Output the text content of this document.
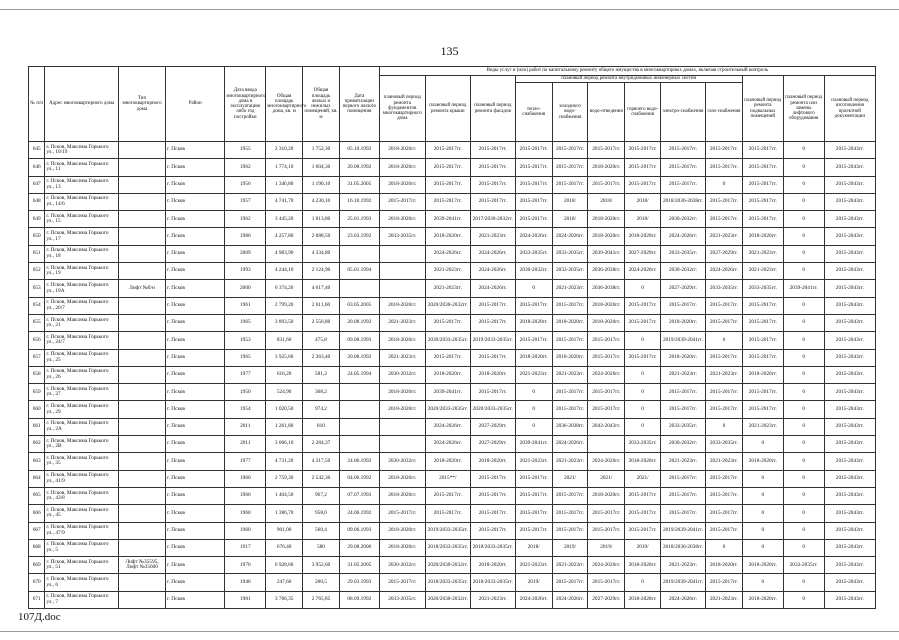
135
№ п/п	Адрес многоквартирного дома	Тип многоквартирного дома	Район	Дата ввода многоквартирного дома в эксплуатацию либо год постройки	Общая площадь многоквартирного дома, кв. м	Общая площадь жилых и нежилых помещений, кв. м	Дата приватизации первого жилого помещения	Виды услуг и (или) работ по капитальному ремонту общего имущества в многоквартирных домах, включая строительный контроль											
								плановый период ремонта фундаментов многоквартирного дома	плановый период ремонта крыши	плановый период ремонта фасадов	плановый период ремонта внутридомовых инженерных систем						плановый период ремонта подвальных помещений	плановый период ремонта или замены лифтового оборудования	плановый период изготовления проектной документации
											тепло-снабжения	холодного водо-снабжения	водо-отведения	горячего водо-снабжения	электро-снабжения	газо-снабжения			
645	г. Псков, Максима Горького ул., 10/19		г. Псков	1955	2 310,20	1 752,30	05.10.1992	2018-2020гг.	2015-2017гг.	2015-2017гг.	2015-2017гг.	2015-2017гг.	2015-2017гг.	2015-2017гг.	2015-2017гг.	2015-2017гг.	2015-2017гг.	0	2015-2043гг.
646	г. Псков, Максима Горького ул., 11		г. Псков	1962	1 774,10	1 604,30	20.08.1992	2018-2020гг.	2015-2017гг.	2015-2017гг.	2015-2017гг.	2015-2017гг.	2018-2020гг.	2015-2017гг.	2015-2017гг.	2015-2017гг.	2015-2017гг.	0	2015-2043гг.
647	г. Псков, Максима Горького ул., 13		г. Псков	1956	1 346,80	1 190,10	31.05.2005	2018-2020гг.	2015-2017гг.	2015-2017гг.	2015-2017гг.	2015-2017гг.	2015-2017гг.	2015-2017гг.	2015-2017гг.	0	2015-2017гг.	0	2015-2043гг.
648	г. Псков, Максима Горького ул., 14/6		г. Псков	1957	4 741,70	4 230,10	16.10.1992	2015-2017гг.	2015-2017гг.	2015-2017гг.	2015-2017гг.	2018/	2018/	2018/	2018/2036-2038гг.	2015-2017гг.	2015-2017гг.	0	2015-2043гг.
649	г. Псков, Максима Горького ул., 15		г. Псков	1962	3 445,20	1 813,80	25.01.1993	2018-2020гг.	2039-2041гг.	2017/2030-2032гг.	2015-2017гг.	2018/	2018-2020гг.	2018/	2030-2032гг.	2015-2017гг.	2015-2017гг.	0	2015-2043гг.
650	г. Псков, Максима Горького ул., 17		г. Псков	1980	4 257,80	2 088,50	23.03.1992	2033-2035гг.	2018-2020гг.	2021-2023гг.	2024-2026гг.	2024-2026гг.	2018-2020гг.	2018-2020гг.	2024-2026гг.	2021-2023гг.	2018-2020гг.	0	2015-2043гг.
651	г. Псков, Максима Горького ул., 18		г. Псков	2009	4 983,90	4 334,80			2024-2026гг.	2024-2026гг.	2033-2035гг.	2033-2035гг.	2039-2041гг.	2027-2029гг.	2033-2035гг.	2027-2029гг.	2021-2023гг.	0	2015-2043гг.
652	г. Псков, Максима Горького ул., 19		г. Псков	1993	4 244,10	2 124,90	05.01.1994		2021-2023гг.	2024-2026гг.	2030-2032гг.	2033-2035гг.	2036-2038гг.	2024-2026гг.	2030-2032гг.	2024-2026гг.	2021-2023гг.	0	2015-2043гг.
653	г. Псков, Максима Горького ул., 19А	Лифт №б/н	г. Псков	2000	6 374,20	4 617,40			2021-2023гг.	2024-2026гг.	0	2021-2023гг.	2036-2038гг.	0	2027-2029гг.	2033-2035гг.	2033-2035гг.	2039-2041гг.	2015-2043гг.
654	г. Псков, Максима Горького ул., 20/7		г. Псков	1961	2 799,20	2 611,60	03.05.2005	2018-2020гг.	2020/2030-2032гг.	2015-2017гг.	2015-2017гг.	2015-2017гг.	2018-2020гг.	2015-2017гг.	2015-2017гг.	2015-2017гг.	2015-2017гг.	0	2015-2043гг.
655	г. Псков, Максима Горького ул., 21		г. Псков	1965	3 893,50	2 556,80	20.08.1992	2021-2023гг.	2015-2017гг.	2015-2017гг.	2018-2020гг.	2018-2020гг.	2018-2020гг.	2015-2017гг.	2018-2020гг.	2015-2017гг.	2015-2017гг.	0	2015-2043гг.
656	г. Псков, Максима Горького ул., 24/7		г. Псков	1953	831,60	475,8	09.08.1993	2018-2020гг.	2030/2033-2035гг.	2019/2033-2035гг.	2015-2017гг.	2015-2017гг.	2015-2017гг.	0	2019/2039-2041гг.	0	2015-2017гг.	0	2015-2043гг.
657	г. Псков, Максима Горького ул., 25		г. Псков	1965	3 925,60	2 363,40	20.08.1992	2021-2023гг.	2015-2017гг.	2015-2017гг.	2018-2020гг.	2018-2020гг.	2015-2017гг.	2015-2017гг.	2018-2020гг.	2015-2017гг.	2015-2017гг.	0	2015-2043гг.
658	г. Псков, Максима Горького ул., 26		г. Псков	1977	616,20	581,2	24.05.1994	2030-2032гг.	2018-2020гг.	2018-2020гг.	2021-2023гг.	2021-2023гг.	2024-2026гг.	0	2021-2023гг.	2021-2023гг.	2018-2020гг.	0	2015-2043гг.
659	г. Псков, Максима Горького ул., 27		г. Псков	1950	524,90	368,2		2018-2020гг.	2039-2041гг.	2015-2017гг.	0	2015-2017гг.	2015-2017гг.	0	2015-2017гг.	2015-2017гг.	2015-2017гг.	0	2015-2043гг.
660	г. Псков, Максима Горького ул., 29		г. Псков	1954	1 020,50	974,2		2018-2020гг.	2020/2033-2035гг.	2020/2033-2035гг.	0	2015-2017гг.	2015-2017гг.	0	2015-2017гг.	2015-2017гг.	2015-2017гг.	0	2015-2043гг.
661	г. Псков, Максима Горького ул., 2А		г. Псков	2011	1 261,80	810			2024-2026гг.	2027-2029гг.	0	2036-2038гг.	2042-2043гг.	0	2033-2035гг.	0	2021-2023гг.	0	2015-2043гг.
662	г. Псков, Максима Горького ул., 2В		г. Псков	2011	3 066,10	2 284,37			2024-2026гг.	2027-2029гг.	2039-2041гг.	2024-2026гг.		2033-2035гг.	2030-2032гг.	2033-2035гг.	0	0	2015-2043гг.
663	г. Псков, Максима Горького ул., 35		г. Псков	1977	4 731,20	4 317,50	24.06.1992	2030-2032гг.	2018-2020гг.	2018-2020гг.	2021-2023гг.	2021-2023гг.	2024-2026гг.	2018-2020гг.	2021-2023гг.	2021-2023гг.	2018-2020гг.	0	2015-2043гг.
664	г. Псков, Максима Горького ул., 41/9		г. Псков	1960	2 759,30	2 542,30	04.06.1992	2018-2020гг.	2015**/	2015-2017гг.	2015-2017гг.	2021/	2021/	2021/	2015-2017гг.	2015-2017гг.	0	0	2015-2043гг.
665	г. Псков, Максима Горького ул., 43/8		г. Псков	1960	1 404,50	967,2	07.07.1993	2018-2020гг.	2015-2017гг.	2015-2017гг.	2015-2017гг.	2015-2017гг.	2018-2020гг.	2015-2017гг.	2015-2017гг.	2015-2017гг.	0	0	2015-2043гг.
666	г. Псков, Максима Горького ул., 45		г. Псков	1960	1 386,70	958,6	24.06.1992	2015-2017гг.	2015-2017гг.	2015-2017гг.	2015-2017гг.	2015-2017гг.	2015-2017гг.	2015-2017гг.	2015-2017гг.	2015-2017гг.	0	0	2015-2043гг.
667	г. Псков, Максима Горького ул., 47/9		г. Псков	1960	901,00	560,4	09.06.1993	2018-2020гг.	2019/2033-2035гг.	2015-2017гг.	2015-2017гг.	2015-2017гг.	2015-2017гг.	2015-2017гг.	2019/2039-2041гг.	2015-2017гг.	0	0	2015-2043гг.
668	г. Псков, Максима Горького ул., 5		г. Псков	1917	676,40	580	29.08.2006	2018-2020гг.	2018/2033-2035гг.	2018/2033-2035гг.	2018/	2019/	2019/	2019/	2018/2036-2038гг.	0	0	0	2015-2043гг.
669	г. Псков, Максима Горького ул., 51	Лифт №35595, Лифт №35600	г. Псков	1976	6 928,60	3 952,60	31.05.2005	2030-2032гг.	2020/2030-2032гг.	2018-2020гг.	2021-2023гг.	2021-2023гг.	2024-2026гг.	2018-2020гг.	2021-2023гг.	2018-2020гг.	2018-2020гг.	2033-2035гг.	2015-2043гг.
670	г. Псков, Максима Горького ул., 6		г. Псков	1946	247,60	200,5	29.03.1993	2015-2017гг.	2018/2033-2035гг.	2018/2033-2035гг.	2019/	2015-2017гг.	2015-2017гг.	0	2019/2039-2041гг.	2015-2017гг.	0	0	2015-2043гг.
671	г. Псков, Максима Горького ул., 7		г. Псков	1981	3 766,35	2 765,85	08.09.1992	2033-2035гг.	2020/2030-2032гг.	2021-2023гг.	2024-2026гг.	2024-2026гг.	2027-2029гг.	2018-2020гг.	2024-2026гг.	2021-2023гг.	2018-2020гг.	0	2015-2043гг.
107Д.doc
